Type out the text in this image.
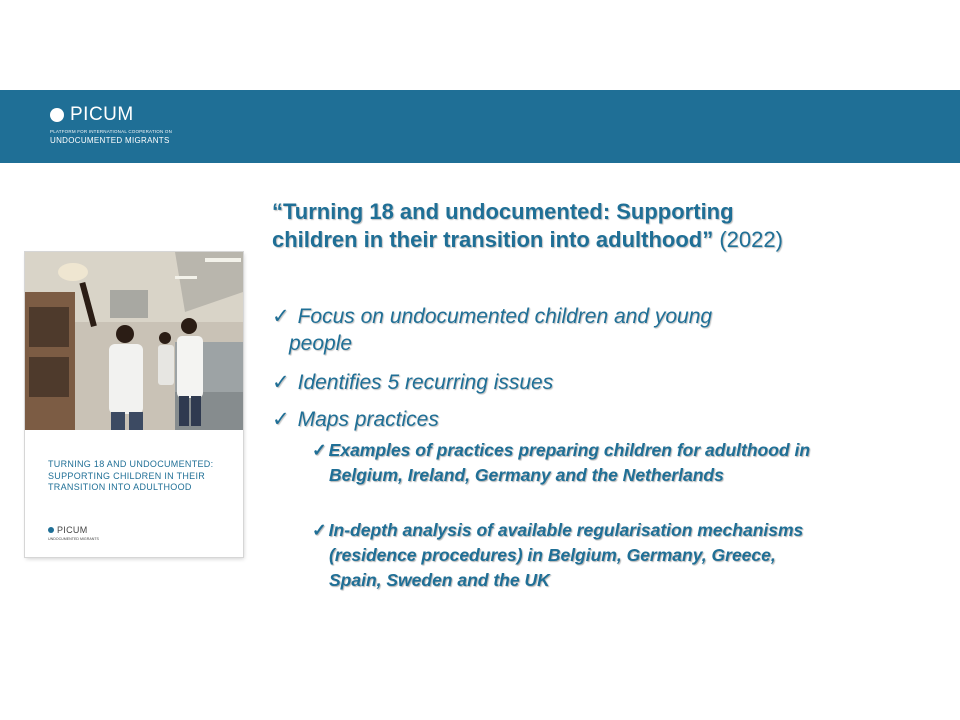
PICUM
PLATFORM FOR INTERNATIONAL COOPERATION ON
UNDOCUMENTED MIGRANTS
TURNING 18 AND UNDOCUMENTED:
SUPPORTING CHILDREN IN THEIR
TRANSITION INTO ADULTHOOD
PICUM
UNDOCUMENTED MIGRANTS
“Turning 18 and undocumented: Supporting
children in their transition into adulthood” (2022)
✓ Focus on undocumented children and young
people
✓ Identifies 5 recurring issues
✓ Maps practices
✓ Examples of practices preparing children for adulthood in
Belgium, Ireland, Germany and the Netherlands
✓ In-depth analysis of available regularisation mechanisms
(residence procedures) in Belgium, Germany, Greece,
Spain, Sweden and the UK
